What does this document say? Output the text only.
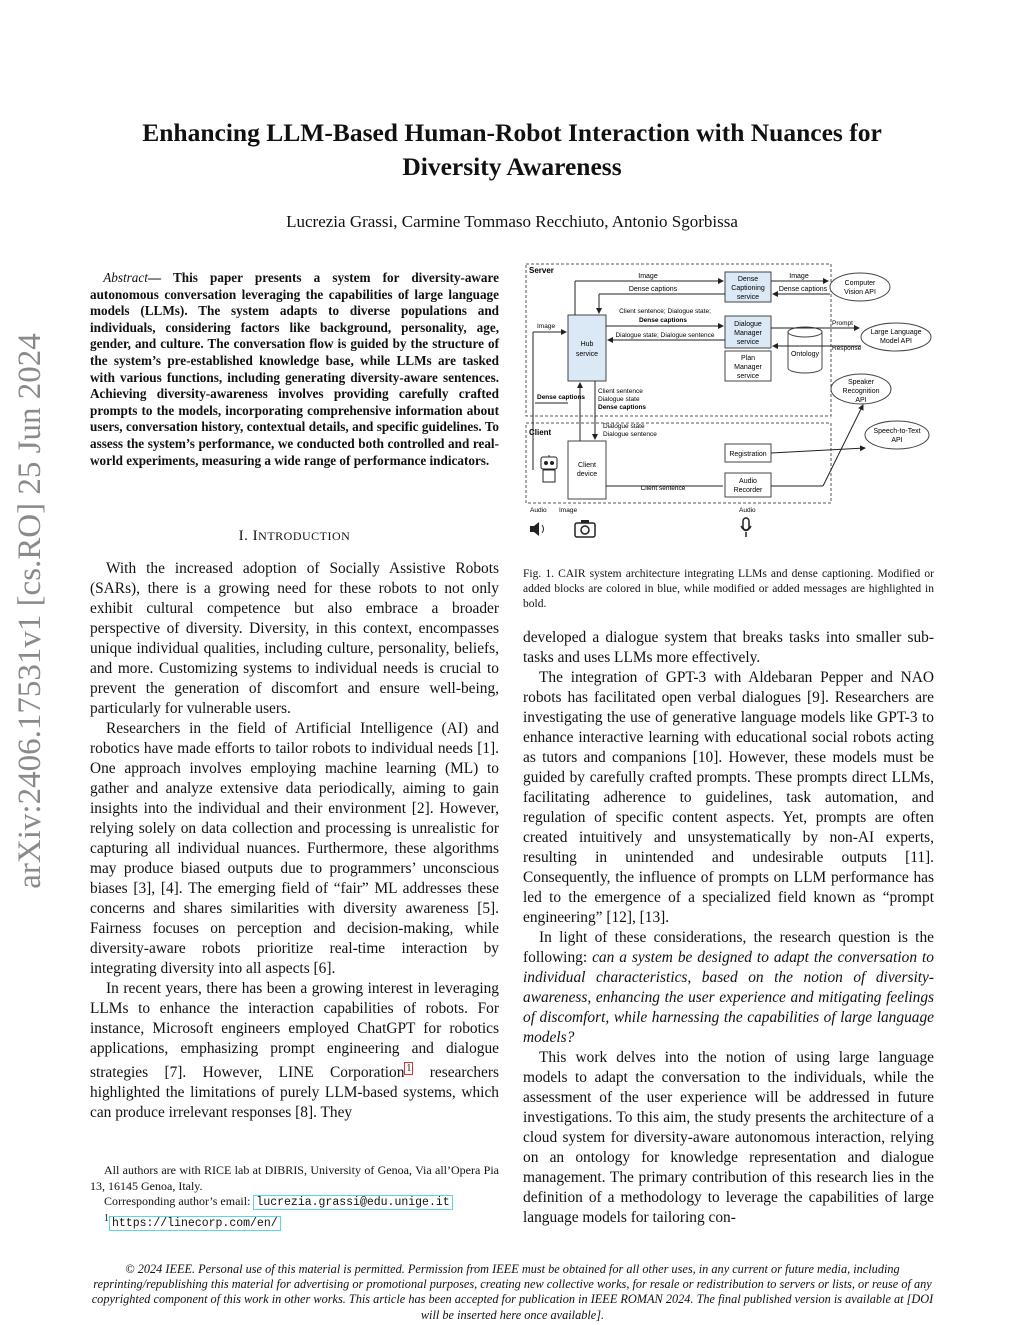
arXiv:2406.17531v1 [cs.RO] 25 Jun 2024
Enhancing LLM-Based Human-Robot Interaction with Nuances for Diversity Awareness
Lucrezia Grassi, Carmine Tommaso Recchiuto, Antonio Sgorbissa
 Abstract— This paper presents a system for diversity-aware autonomous conversation leveraging the capabilities of large language models (LLMs). The system adapts to diverse populations and individuals, considering factors like background, personality, age, gender, and culture. The conversation flow is guided by the structure of the system’s pre-established knowledge base, while LLMs are tasked with various functions, including generating diversity-aware sentences. Achieving diversity-awareness involves providing carefully crafted prompts to the models, incorporating comprehensive information about users, conversation history, contextual details, and specific guidelines. To assess the system’s performance, we conducted both controlled and real-world experiments, measuring a wide range of performance indicators.
I. INTRODUCTION

With the increased adoption of Socially Assistive Robots (SARs), there is a growing need for these robots to not only exhibit cultural competence but also embrace a broader perspective of diversity. Diversity, in this context, encompasses unique individual qualities, including culture, personality, beliefs, and more. Customizing systems to individual needs is crucial to prevent the generation of discomfort and ensure well-being, particularly for vulnerable users.

Researchers in the field of Artificial Intelligence (AI) and robotics have made efforts to tailor robots to individual needs [1]. One approach involves employing machine learning (ML) to gather and analyze extensive data periodically, aiming to gain insights into the individual and their environment [2]. However, relying solely on data collection and processing is unrealistic for capturing all individual nuances. Furthermore, these algorithms may produce biased outputs due to programmers’ unconscious biases [3], [4]. The emerging field of “fair” ML addresses these concerns and shares similarities with diversity awareness [5]. Fairness focuses on perception and decision-making, while diversity-aware robots prioritize real-time interaction by integrating diversity into all aspects [6].

In recent years, there has been a growing interest in leveraging LLMs to enhance the interaction capabilities of robots. For instance, Microsoft engineers employed ChatGPT for robotics applications, emphasizing prompt engineering and dialogue strategies [7]. However, LINE Corporation $^1$ researchers highlighted the limitations of purely LLM-based systems, which can produce irrelevant responses [8]. They

All authors are with RICE lab at DIBRIS, University of Genoa, Via all’Opera Pia 13, 16145 Genoa, Italy.

Corresponding author’s email: lucrezia.grassi@edu.unige.it

$^1$ https://linecorp.com/en/

Server
Client
Dense
Captioning
service
Dialogue
Manager
service
Plan
Manager
service
Hub
service	Ontology
Computer
Vision API
Large Language
Model API
Speaker
Recognition
API
Speech-to-Text
API
Client
device
Registration
Audio
Recorder
Image
Dense captions
Image
Dense captions
Client sentence; Dialogue state;
Dense captions
Dialogue state; Dialogue sentence
Prompt
Response
Image
Dense captions
Client sentence
Dialogue state
Dense captions
Dialogue state
Dialogue sentence
Client sentence
Audio Image	Audio
Fig. 1. CAIR system architecture integrating LLMs and dense captioning. Modified or added blocks are colored in blue, while modified or added messages are highlighted in bold.

developed a dialogue system that breaks tasks into smaller sub-tasks and uses LLMs more effectively.

The integration of GPT-3 with Aldebaran Pepper and NAO robots has facilitated open verbal dialogues [9]. Researchers are investigating the use of generative language models like GPT-3 to enhance interactive learning with educational social robots acting as tutors and companions [10]. However, these models must be guided by carefully crafted prompts. These prompts direct LLMs, facilitating adherence to guidelines, task automation, and regulation of specific content aspects. Yet, prompts are often created intuitively and unsystematically by non-AI experts, resulting in unintended and undesirable outputs [11]. Consequently, the influence of prompts on LLM performance has led to the emergence of a specialized field known as “prompt engineering” [12], [13].

In light of these considerations, the research question is the following: can a system be designed to adapt the conversation to individual characteristics, based on the notion of diversity-awareness, enhancing the user experience and mitigating feelings of discomfort, while harnessing the capabilities of large language models?

This work delves into the notion of using large language models to adapt the conversation to the individuals, while the assessment of the user experience will be addressed in future investigations. To this aim, the study presents the architecture of a cloud system for diversity-aware autonomous interaction, relying on an ontology for knowledge representation and dialogue management. The primary contribution of this research lies in the definition of a methodology to leverage the capabilities of large language models for tailoring con-

© 2024 IEEE. Personal use of this material is permitted. Permission from IEEE must be obtained for all other uses, in any current or future media, including reprinting/republishing this material for advertising or promotional purposes, creating new collective works, for resale or redistribution to servers or lists, or reuse of any copyrighted component of this work in other works. This article has been accepted for publication in IEEE ROMAN 2024. The final published version is available at [DOI will be inserted here once available].
